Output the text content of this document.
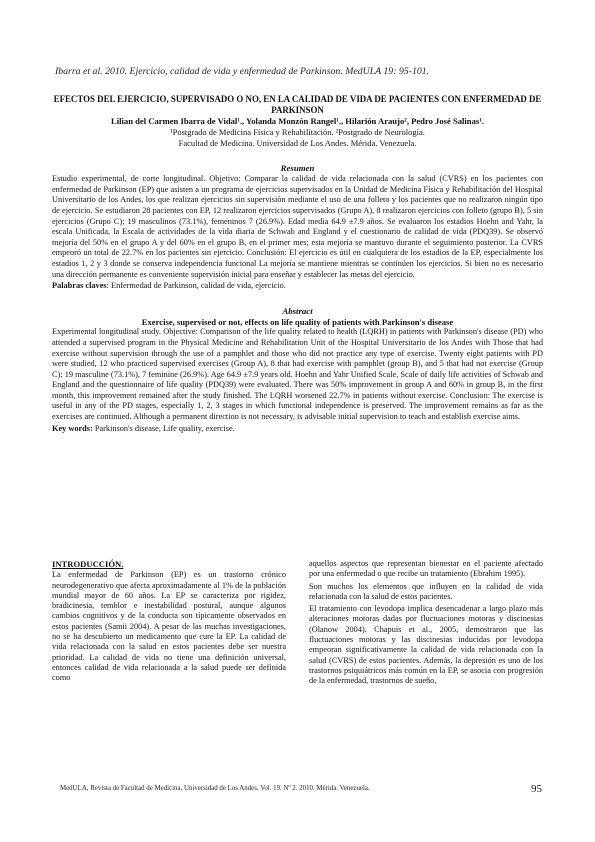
Ibarra et al. 2010. Ejercicio, calidad de vida y enfermedad de Parkinson. MedULA 19: 95-101.

EFECTOS DEL EJERCICIO, SUPERVISADO O NO, EN LA CALIDAD DE VIDA DE PACIENTES CON ENFERMEDAD DE PARKINSON

Lilian del Carmen Ibarra de Vidal¹., Yolanda Monzón Rangel¹., Hilarión Araujo², Pedro José Salinas¹.

¹Postgrado de Medicina Física y Rehabilitación. ²Postgrado de Neurología.

Facultad de Medicina. Universidad de Los Andes. Mérida. Venezuela.

Resumen

Estudio experimental, de corte longitudinal. Objetivo: Comparar la calidad de vida relacionada con la salud (CVRS) en los pacientes con enfermedad de Parkinson (EP) que asisten a un programa de ejercicios supervisados en la Unidad de Medicina Física y Rehabilitación del Hospital Universitario de los Andes, los que realizan ejercicios sin supervisión mediante el uso de una folleto y los pacientes que no realizaron ningún tipo de ejercicio. Se estudiaron 28 pacientes con EP, 12 realizaron ejercicios supervisados (Grupo A), 8 realizaron ejercicios con folleto (grupo B), 5 sin ejercicios (Grupo C); 19 masculinos (73.1%), femeninos 7 (26.9%). Edad media 64.9 ±7.9 años. Se evaluaron los estadios Hoehn and Yahr, la escala Unificada, la Escala de actividades de la vida diaria de Schwab and England y el cuestionario de calidad de vida (PDQ39). Se observó mejoría del 50% en el grupo A y del 60% en el grupo B, en el primer mes; esta mejoría se mantuvo durante el seguimiento posterior. La CVRS empeoró un total de 22.7% en los pacientes sin ejercicio. Conclusión: El ejercicio es útil en cualquiera de los estadios de la EP, especialmente los estadios 1, 2 y 3 donde se conserva independencia funcional La mejoría se mantiene mientras se continúen los ejercicios. Si bien no es necesario una dirección permanente es conveniente supervisión inicial para enseñar y establecer las metas del ejercicio.

Palabras claves: Enfermedad de Parkinson, calidad de vida, ejercicio.

Abstract

Exercise, supervised or not, effects on life quality of patients with Parkinson's disease

Experimental longitudinal study. Objective: Comparison of the life quality related to health (LQRH) in patients with Parkinson's disease (PD) who attended a supervised program in the Physical Medicine and Rehabilitation Unit of the Hospital Universitario de los Andes with Those that had exercise without supervision through the use of a pamphlet and those who did not practice any type of exercise. Twenty eight patients with PD were studied, 12 who practiced supervised exercises (Group A), 8 that had exercise with pamphlet (group B), and 5 that had not exercise (Group C); 19 masculine (73.1%), 7 feminine (26.9%). Age 64.9 ±7.9 years old. Hoehn and Yahr Unified Scale, Scale of daily life activities of Schwab and England and the questionnaire of life quality (PDQ39) were evaluated. There was 50% improvement in group A and 60% in group B, in the first month, this improvement remained after the study finished. The LQRH worsened 22.7% in patients without exercise. Conclusion: The exercise is useful in any of the PD stages, especially 1, 2, 3 stages in which functional independence is preserved. The improvement remains as far as the exercises are continued. Although a permanent direction is not necessary, is advisable initial supervision to teach and establish exercise aims.

Key words: Parkinson's disease, Life quality, exercise.

INTRODUCCIÓN.

La enfermedad de Parkinson (EP) es un trastorno crónico neurodegenerativo que afecta aproximadamente al 1% de la población mundial mayor de 60 años. La EP se caracteriza por rigidez, bradicinesia, temblor e inestabilidad postural, aunque algunos cambios cognitivos y de la conducta son típicamente observados en estos pacientes (Samii 2004). A pesar de las muchas investigaciones, no se ha descubierto un medicamento que cure la EP. La calidad de vida relacionada con la salud en estos pacientes debe ser nuestra prioridad. La calidad de vida no tiene una definición universal, entonces calidad de vida relacionada a la salud puede ser definida como

aquellos aspectos que representan bienestar en el paciente afectado por una enfermedad o que recibe un tratamiento (Ebrahim 1995).

Son muchos los elementos que influyen en la calidad de vida relacionada con la salud de estos pacientes.

El tratamiento con levodopa implica desencadenar a largo plazo más alteraciones motoras dadas por fluctuaciones motoras y discinesias (Olanow 2004). Chapuis et al., 2005, demostraron que las fluctuaciones motoras y las discinesias inducidas por levodopa empeoran significativamente la calidad de vida relacionada con la salud (CVRS) de estos pacientes. Además, la depresión es uno de los trastornos psiquiátricos más común en la EP, se asocia con progresión de la enfermedad, trastornos de sueño,

MedULA, Revista de Facultad de Medicina, Universidad de Los Andes. Vol. 19. Nº 2. 2010. Mérida. Venezuela.	95
